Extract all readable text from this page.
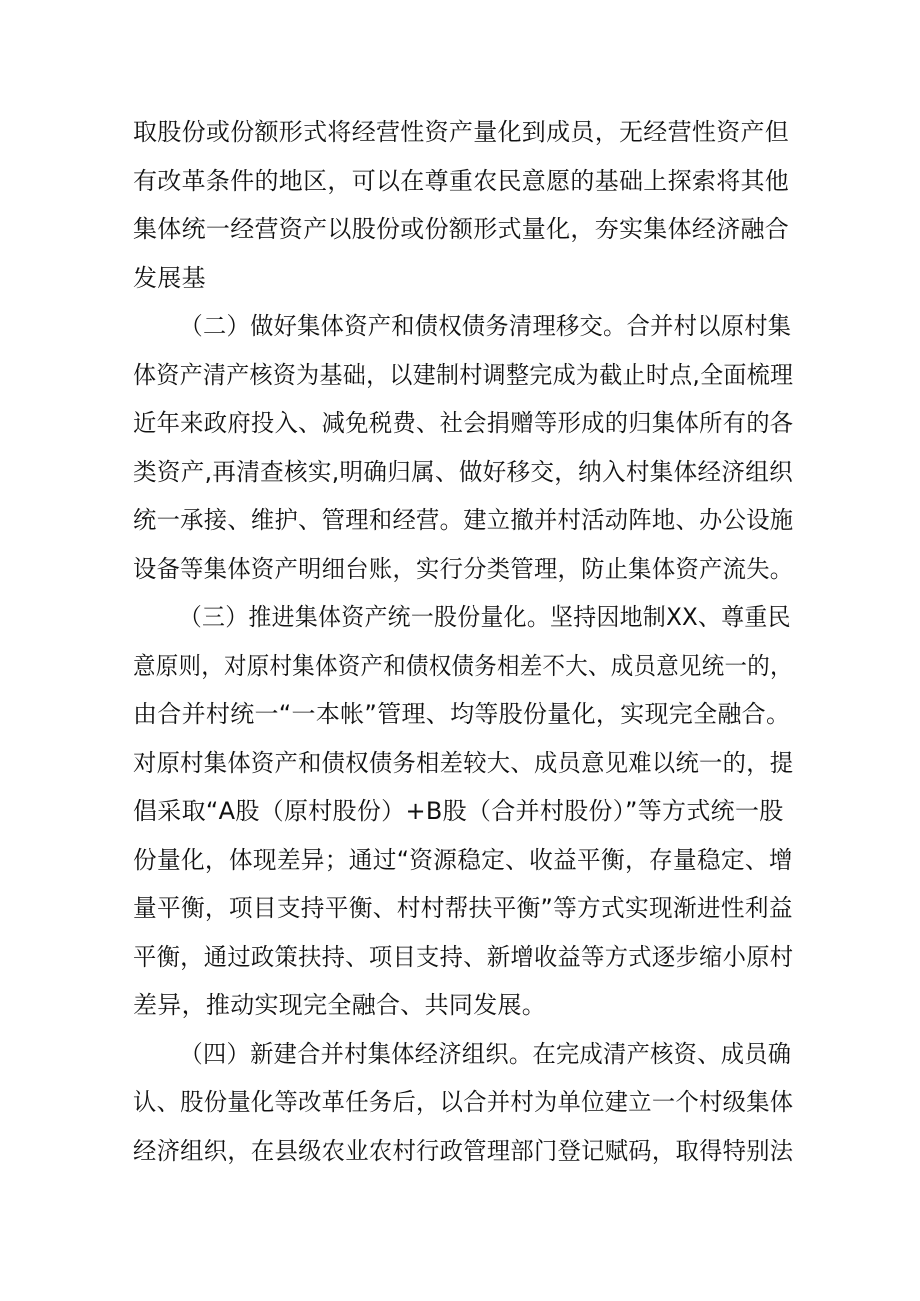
取股份或份额形式将经营性资产量化到成员，无经营性资产但
有改革条件的地区，可以在尊重农民意愿的基础上探索将其他
集体统一经营资产以股份或份额形式量化，夯实集体经济融合
发展基
（二）做好集体资产和债权债务清理移交。合并村以原村集
体资产清产核资为基础，以建制村调整完成为截止时点,全面梳理
近年来政府投入、减免税费、社会捐赠等形成的归集体所有的各
类资产,再清查核实,明确归属、做好移交，纳入村集体经济组织
统一承接、维护、管理和经营。建立撤并村活动阵地、办公设施
设备等集体资产明细台账，实行分类管理，防止集体资产流失。
（三）推进集体资产统一股份量化。坚持因地制XX、尊重民
意原则，对原村集体资产和债权债务相差不大、成员意见统一的，
由合并村统一“一本帐”管理、均等股份量化，实现完全融合。
对原村集体资产和债权债务相差较大、成员意见难以统一的，提
倡采取“A股（原村股份）+B股（合并村股份）”等方式统一股
份量化，体现差异；通过“资源稳定、收益平衡，存量稳定、增
量平衡，项目支持平衡、村村帮扶平衡”等方式实现渐进性利益
平衡，通过政策扶持、项目支持、新增收益等方式逐步缩小原村
差异，推动实现完全融合、共同发展。
（四）新建合并村集体经济组织。在完成清产核资、成员确
认、股份量化等改革任务后，以合并村为单位建立一个村级集体
经济组织，在县级农业农村行政管理部门登记赋码，取得特别法
